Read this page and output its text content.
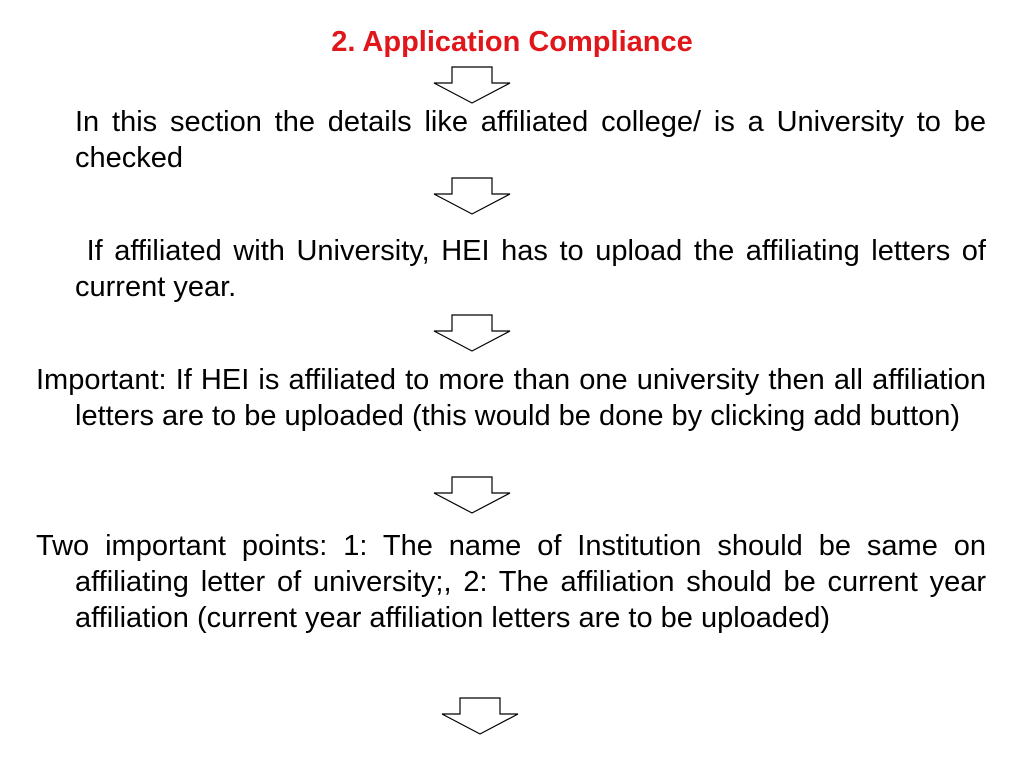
2. Application Compliance

In this section the details like affiliated college/ is a University to be checked

If affiliated with University, HEI has to upload the affiliating letters of current year.

Important: If HEI is affiliated to more than one university then all affiliation letters are to be uploaded (this would be done by clicking add button)

Two important points: 1: The name of Institution should be same on affiliating letter of university;, 2: The affiliation should be current year affiliation (current year affiliation letters are to be uploaded)
